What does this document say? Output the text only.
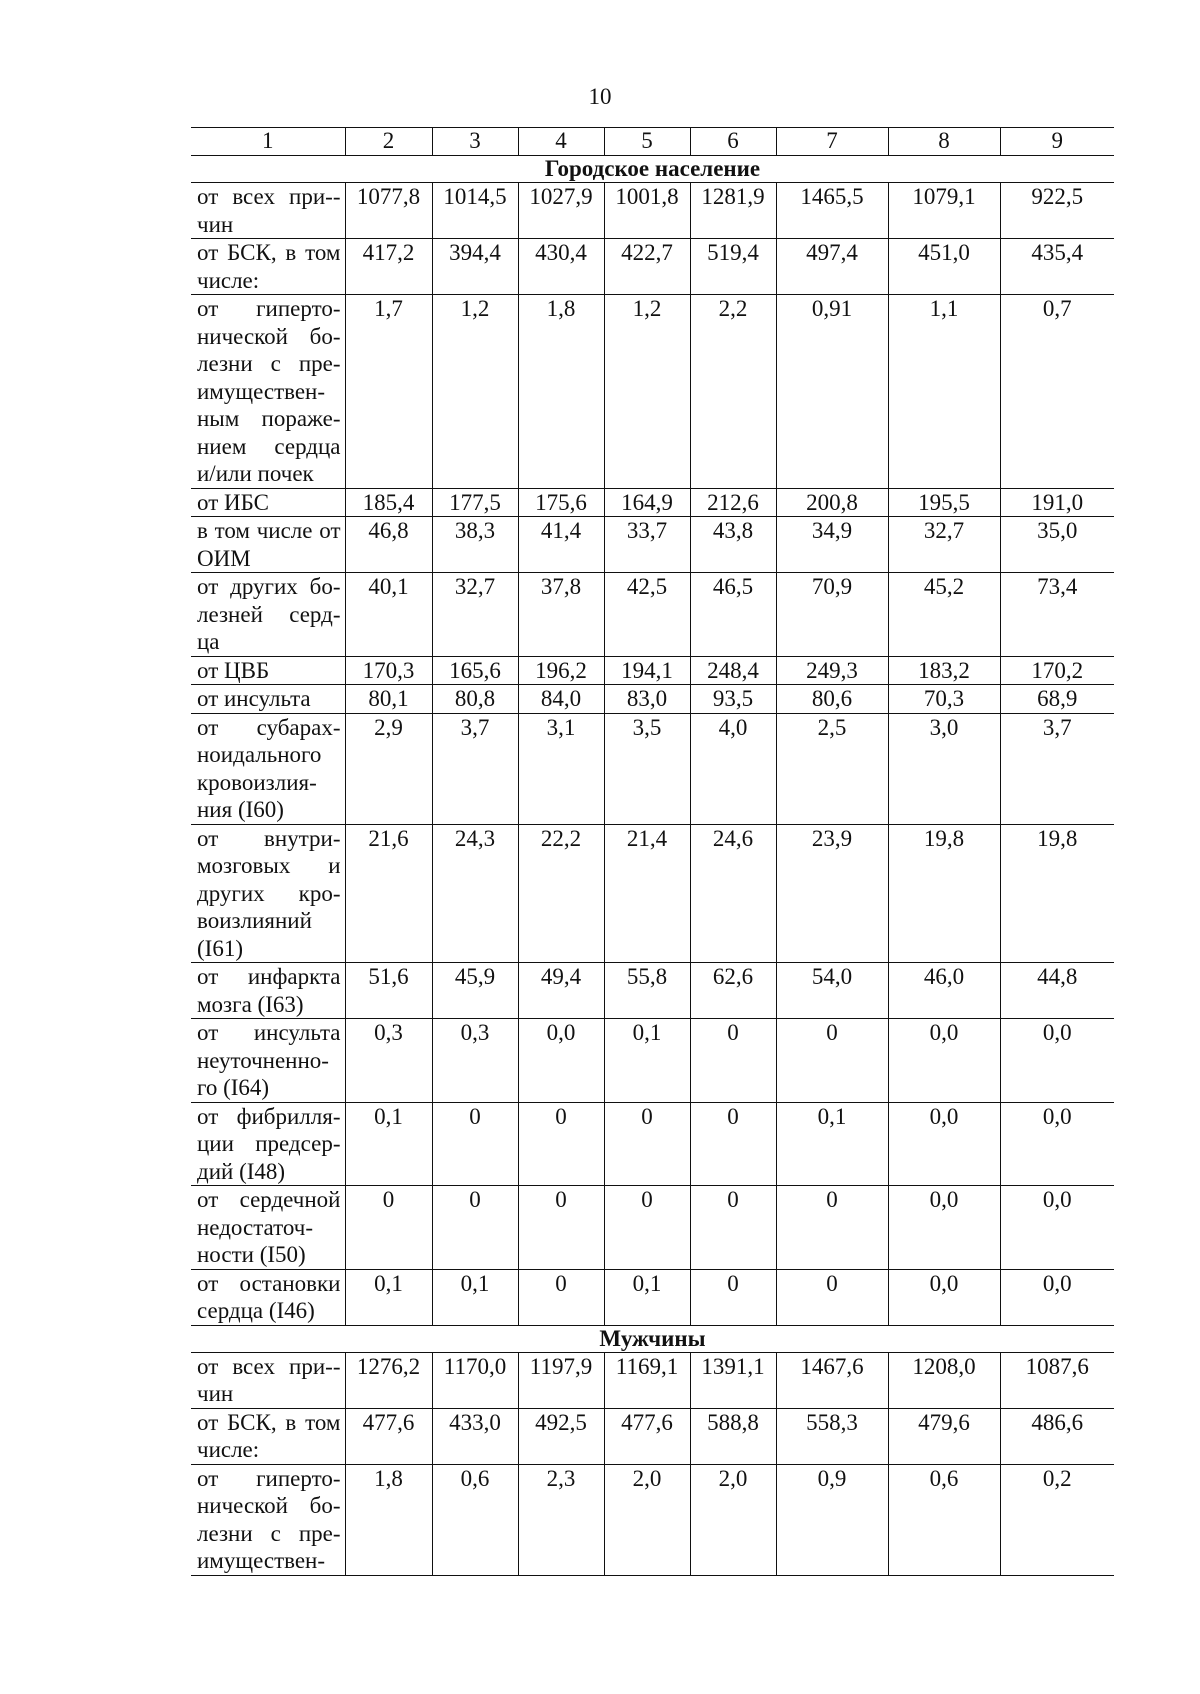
10
1	2	3	4	5	6	7	8	9
Городское население								
от всех при-чин	1077,8	1014,5	1027,9	1001,8	1281,9	1465,5	1079,1	922,5
от БСК, в том числе:	417,2	394,4	430,4	422,7	519,4	497,4	451,0	435,4
от гиперто-нической бо-лезни с пре-имуществен-ным пораже-нием сердца и/или почек	1,7	1,2	1,8	1,2	2,2	0,91	1,1	0,7
от ИБС	185,4	177,5	175,6	164,9	212,6	200,8	195,5	191,0
в том числе от ОИМ	46,8	38,3	41,4	33,7	43,8	34,9	32,7	35,0
от других бо-лезней серд-ца	40,1	32,7	37,8	42,5	46,5	70,9	45,2	73,4
от ЦВБ	170,3	165,6	196,2	194,1	248,4	249,3	183,2	170,2
от инсульта	80,1	80,8	84,0	83,0	93,5	80,6	70,3	68,9
от субарах-ноидального кровоизлия-ния (I60)	2,9	3,7	3,1	3,5	4,0	2,5	3,0	3,7
от внутри-мозговых и других кро-воизлияний (I61)	21,6	24,3	22,2	21,4	24,6	23,9	19,8	19,8
от инфаркта мозга (I63)	51,6	45,9	49,4	55,8	62,6	54,0	46,0	44,8
от инсульта неуточненно-го (I64)	0,3	0,3	0,0	0,1	0	0	0,0	0,0
от фибрилля-ции предсер-дий (I48)	0,1	0	0	0	0	0,1	0,0	0,0
от сердечной недостаточ-ности (I50)	0	0	0	0	0	0	0,0	0,0
от остановки сердца (I46)	0,1	0,1	0	0,1	0	0	0,0	0,0
Мужчины								
от всех при-чин	1276,2	1170,0	1197,9	1169,1	1391,1	1467,6	1208,0	1087,6
от БСК, в том числе:	477,6	433,0	492,5	477,6	588,8	558,3	479,6	486,6
от гиперто-нической бо-лезни с пре-имуществен-	1,8	0,6	2,3	2,0	2,0	0,9	0,6	0,2
